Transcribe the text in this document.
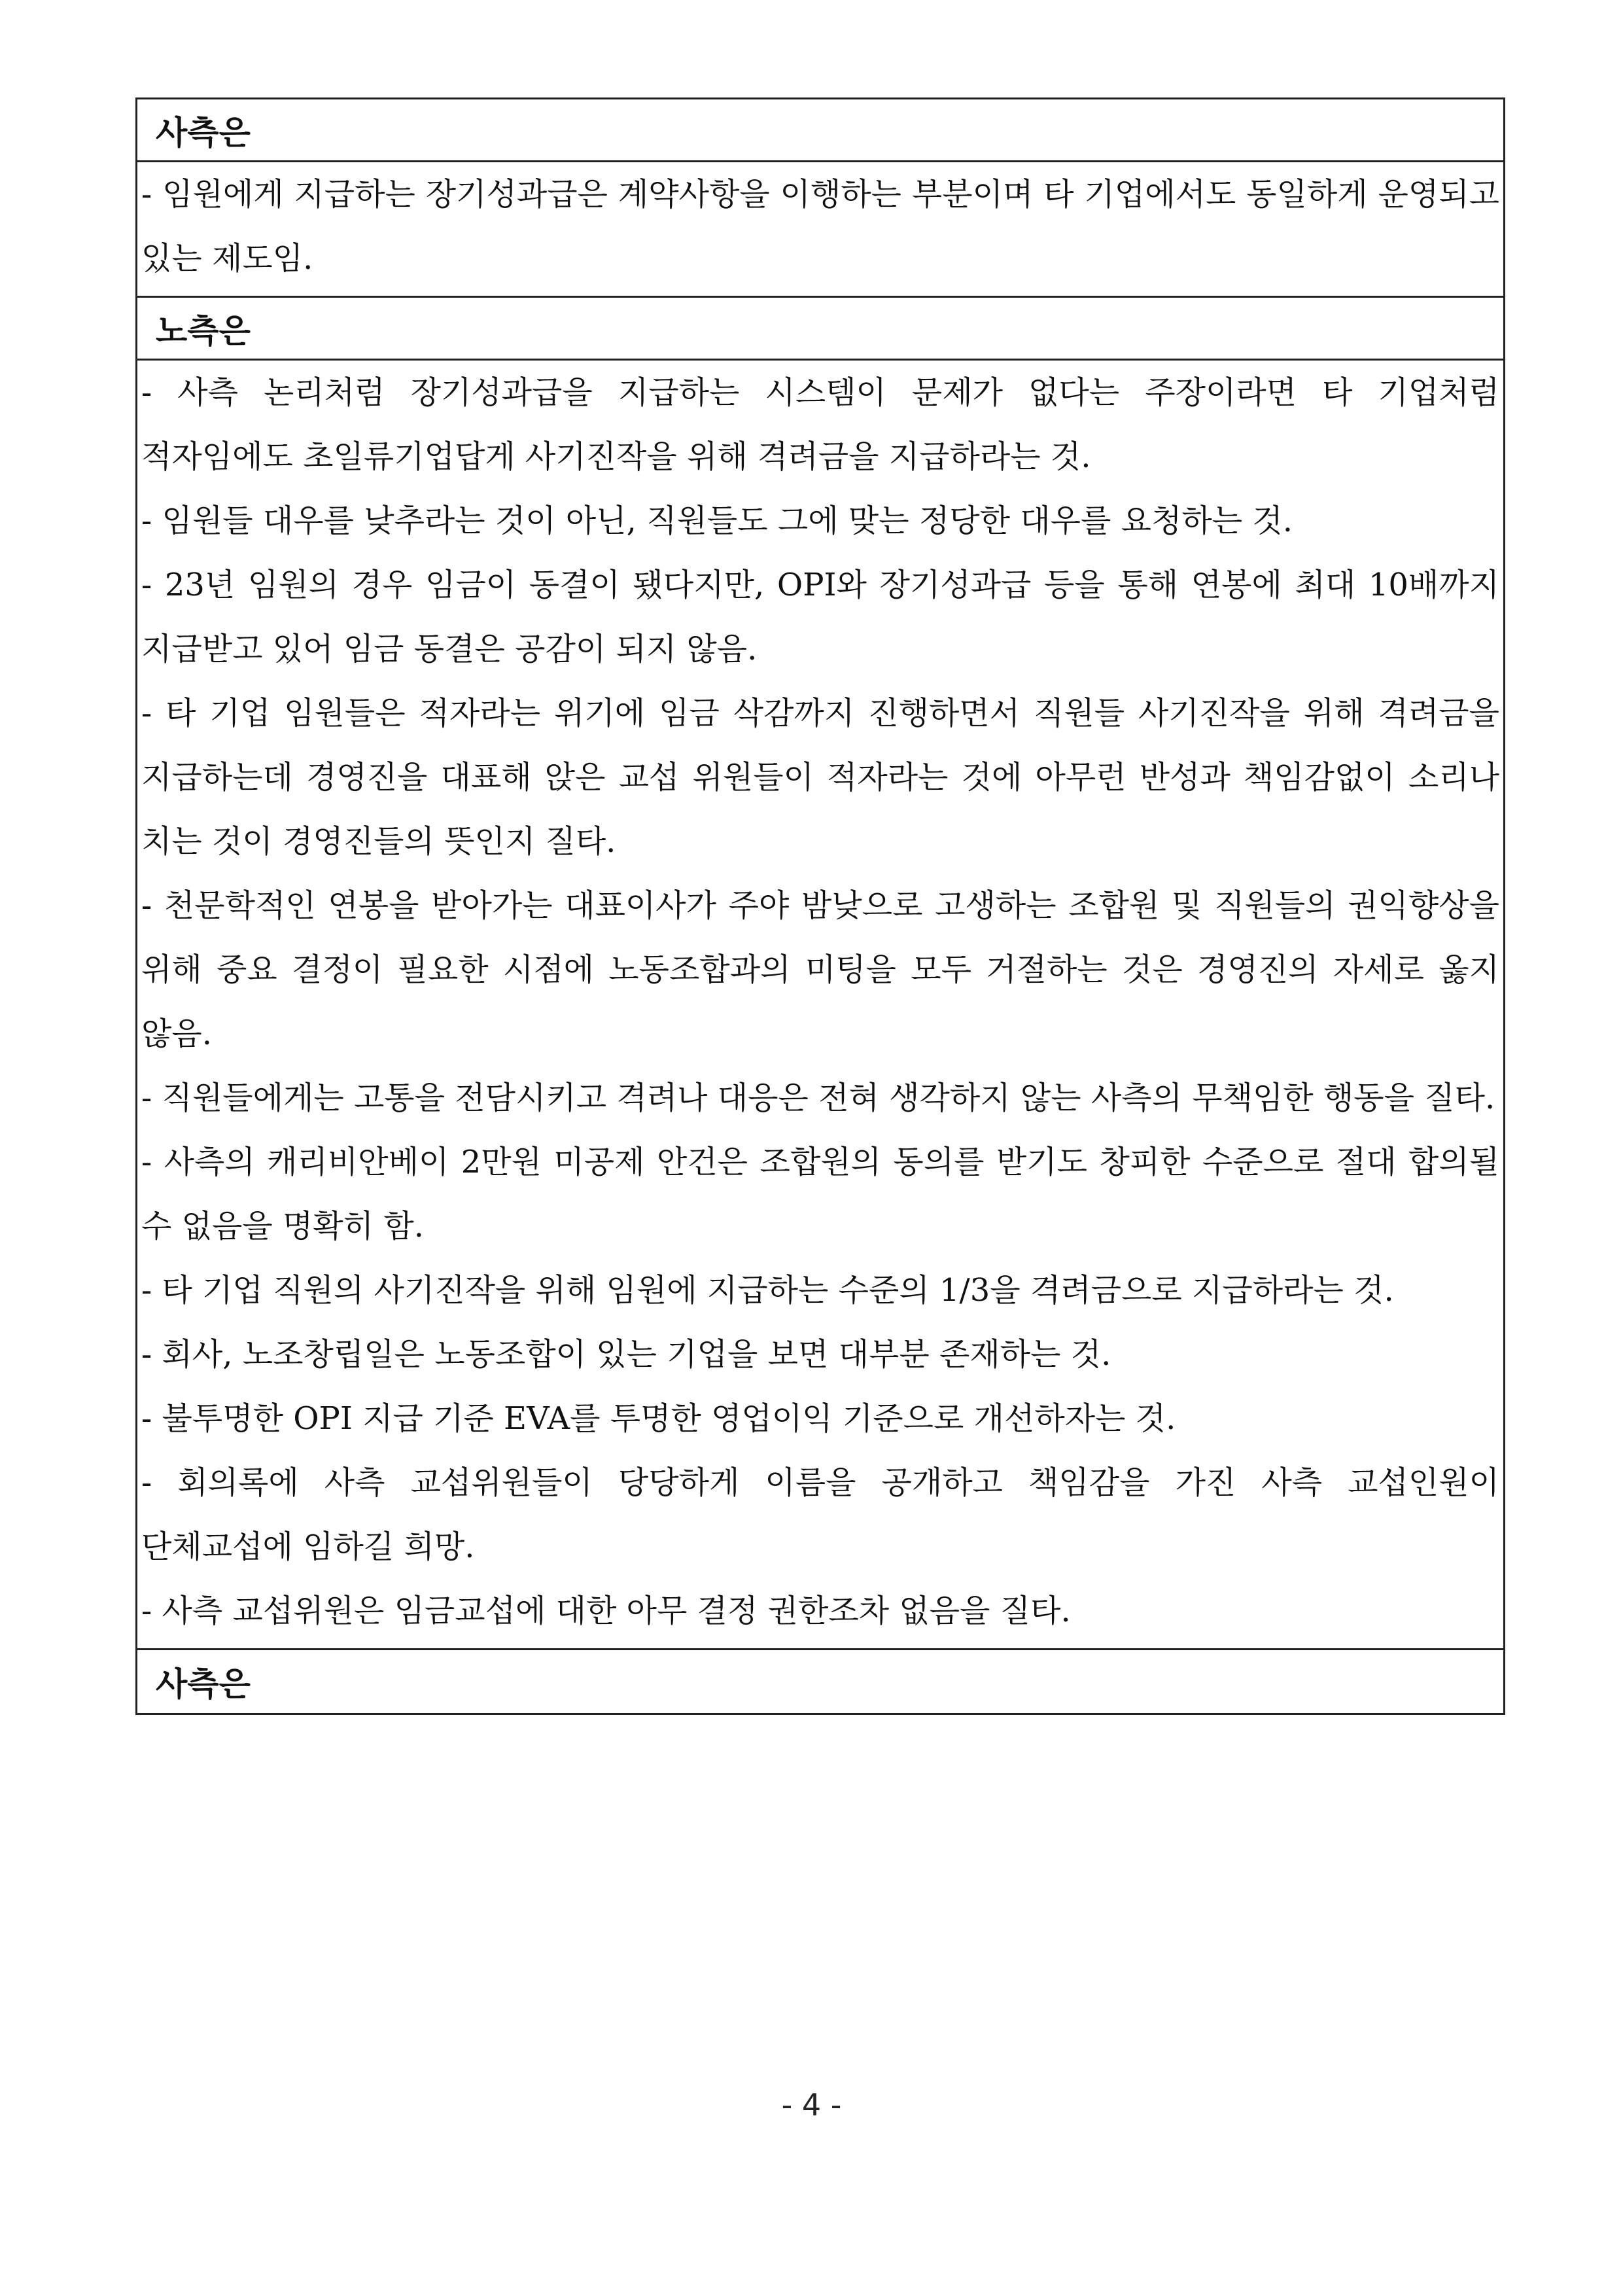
사측은

- 임원에게 지급하는 장기성과급은 계약사항을 이행하는 부분이며 타 기업에서도 동일하게 운영되고 있는 제도임.

노측은

- 사측 논리처럼 장기성과급을 지급하는 시스템이 문제가 없다는 주장이라면 타 기업처럼 적자임에도 초일류기업답게 사기진작을 위해 격려금을 지급하라는 것.

- 임원들 대우를 낮추라는 것이 아닌, 직원들도 그에 맞는 정당한 대우를 요청하는 것.

- 23년 임원의 경우 임금이 동결이 됐다지만, OPI와 장기성과급 등을 통해 연봉에 최대 10배까지 지급받고 있어 임금 동결은 공감이 되지 않음.

- 타 기업 임원들은 적자라는 위기에 임금 삭감까지 진행하면서 직원들 사기진작을 위해 격려금을 지급하는데 경영진을 대표해 앉은 교섭 위원들이 적자라는 것에 아무런 반성과 책임감없이 소리나 치는 것이 경영진들의 뜻인지 질타.

- 천문학적인 연봉을 받아가는 대표이사가 주야 밤낮으로 고생하는 조합원 및 직원들의 권익향상을 위해 중요 결정이 필요한 시점에 노동조합과의 미팅을 모두 거절하는 것은 경영진의 자세로 옳지 않음.

- 직원들에게는 고통을 전담시키고 격려나 대응은 전혀 생각하지 않는 사측의 무책임한 행동을 질타.

- 사측의 캐리비안베이 2만원 미공제 안건은 조합원의 동의를 받기도 창피한 수준으로 절대 합의될 수 없음을 명확히 함.

- 타 기업 직원의 사기진작을 위해 임원에 지급하는 수준의 1/3을 격려금으로 지급하라는 것.

- 회사, 노조창립일은 노동조합이 있는 기업을 보면 대부분 존재하는 것.

- 불투명한 OPI 지급 기준 EVA를 투명한 영업이익 기준으로 개선하자는 것.

- 회의록에 사측 교섭위원들이 당당하게 이름을 공개하고 책임감을 가진 사측 교섭인원이 단체교섭에 임하길 희망.

- 사측 교섭위원은 임금교섭에 대한 아무 결정 권한조차 없음을 질타.

사측은
- 4 -
